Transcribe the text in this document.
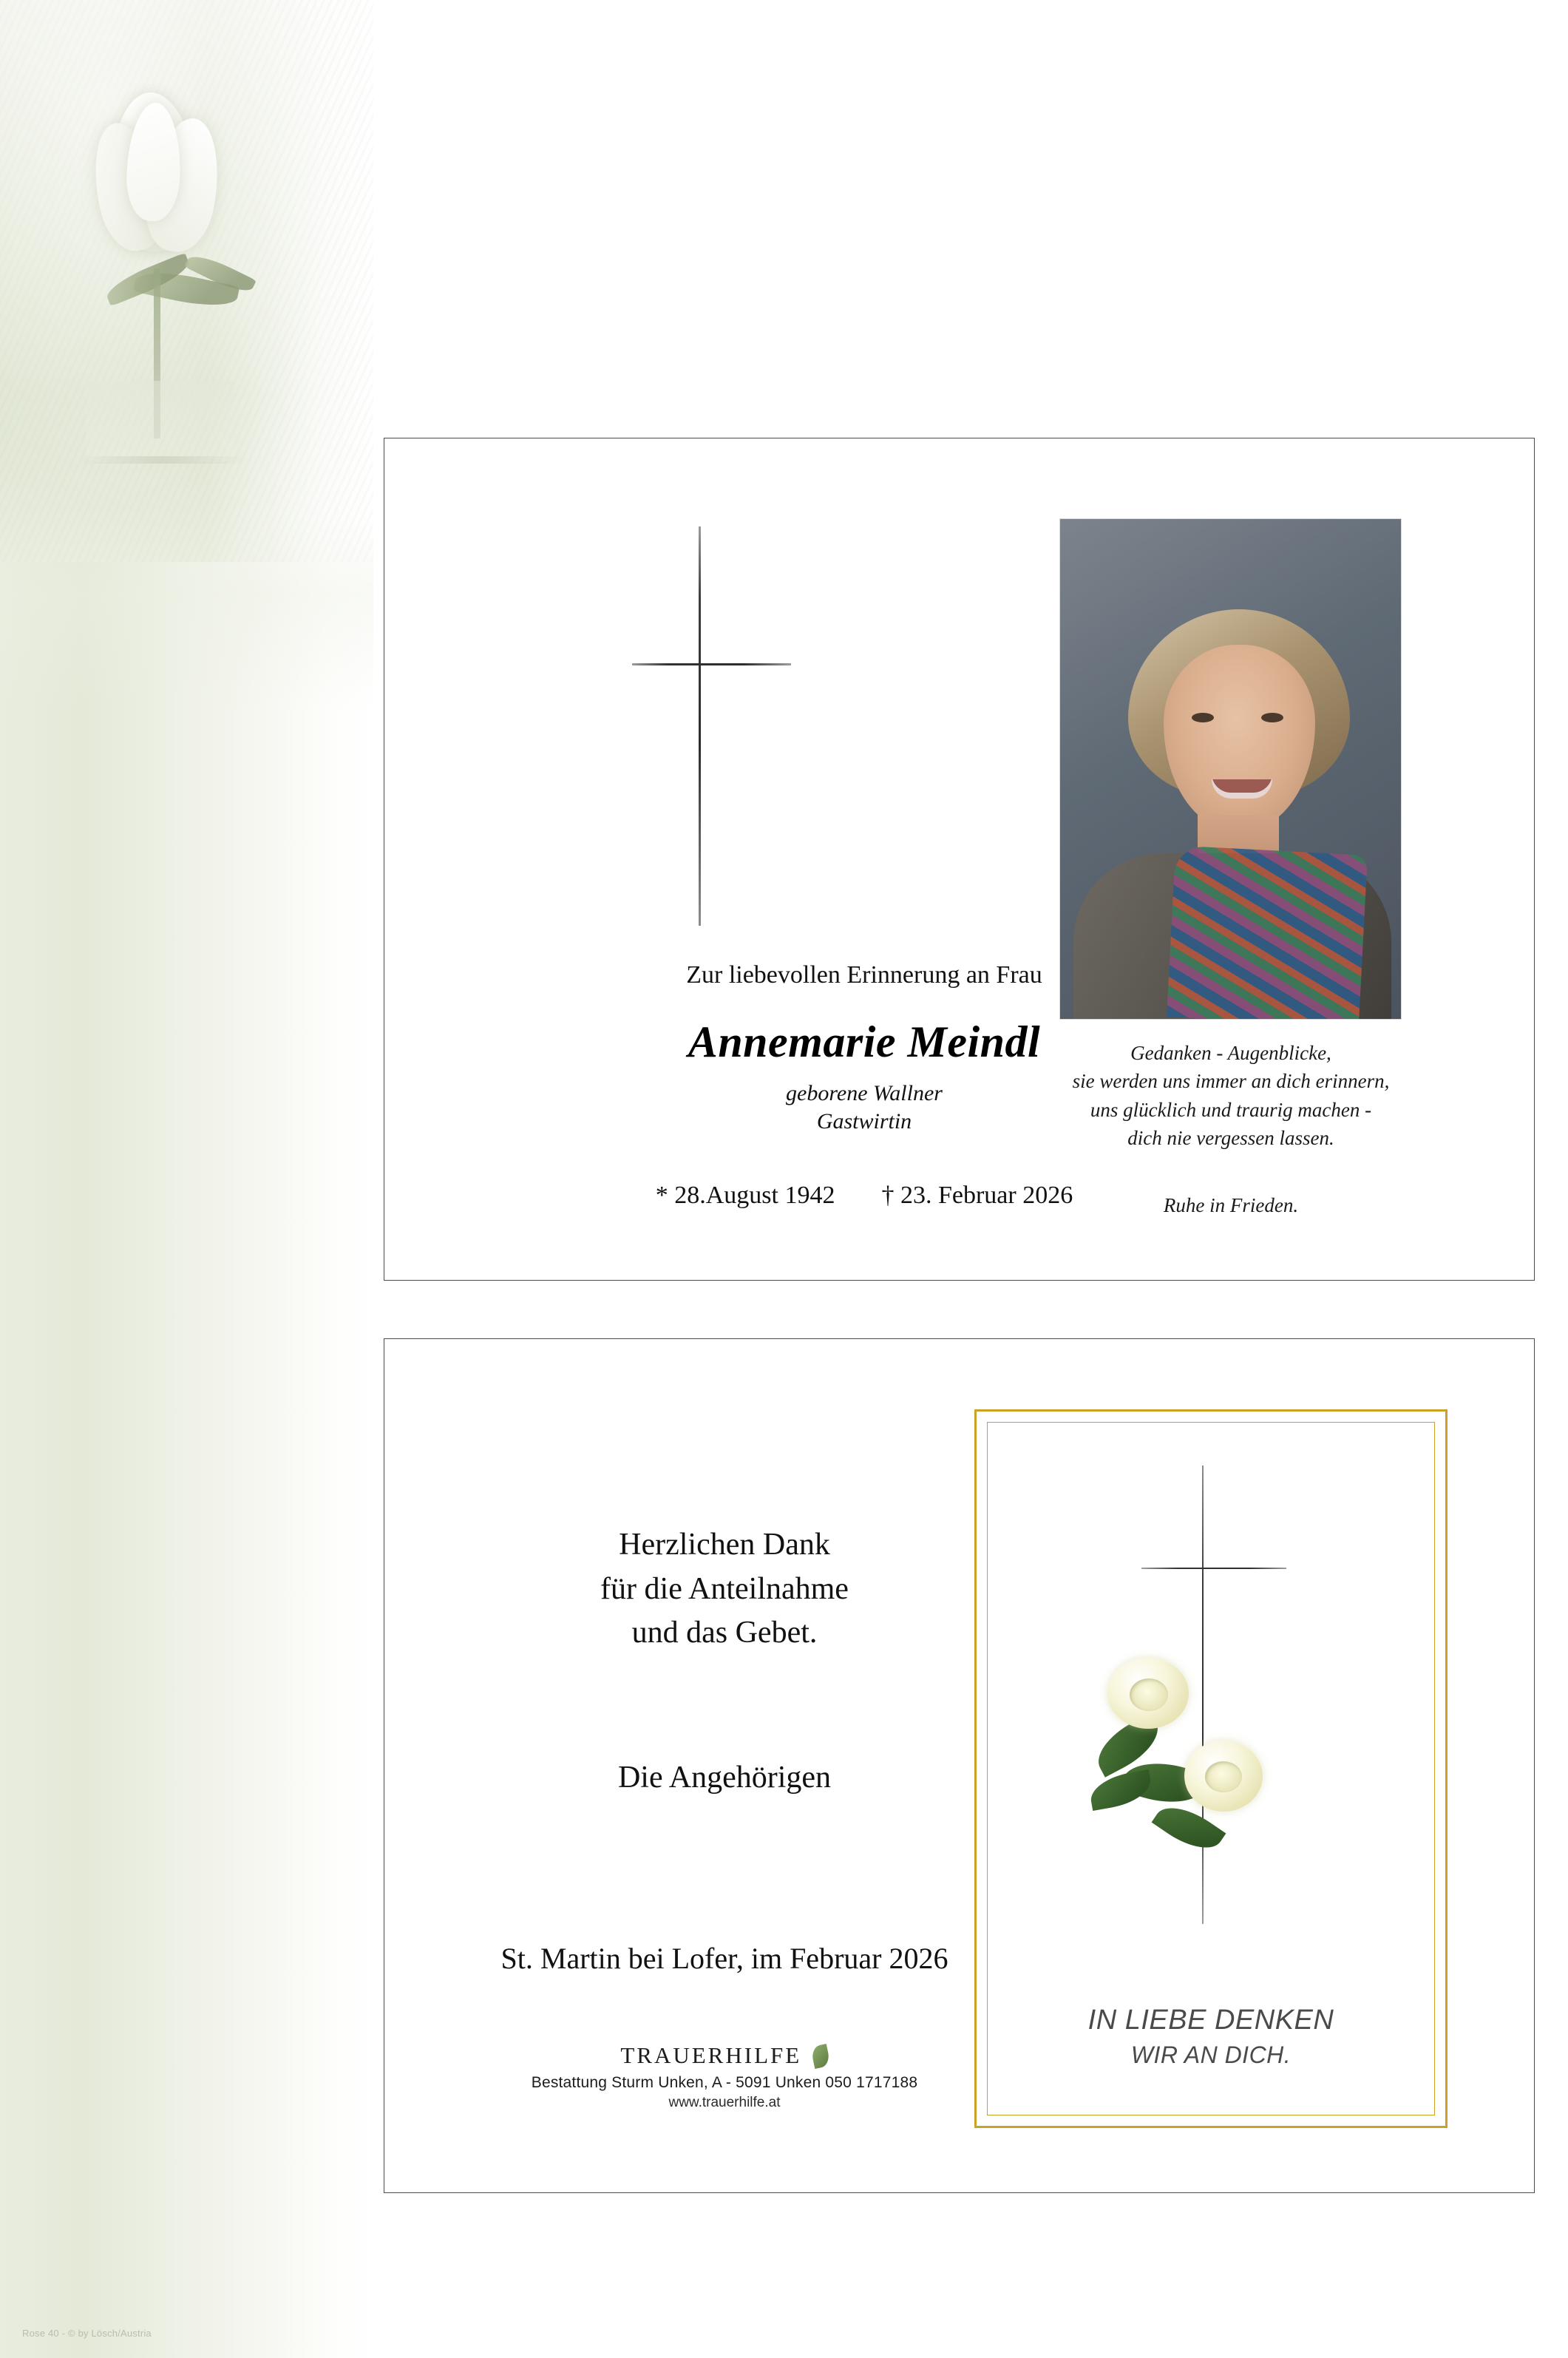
Rose 40 - © by Lösch/Austria
Zur liebevollen Erinnerung an Frau
Annemarie Meindl
geborene Wallner
Gastwirtin
* 28.August 1942 † 23. Februar 2026
Gedanken - Augenblicke,
sie werden uns immer an dich erinnern,
uns glücklich und traurig machen -
dich nie vergessen lassen.
Ruhe in Frieden.
Herzlichen Dank
für die Anteilnahme
und das Gebet.
Die Angehörigen
St. Martin bei Lofer, im Februar 2026
TRAUERHILFE
Bestattung Sturm Unken, A - 5091 Unken 050 1717188
www.trauerhilfe.at
IN LIEBE DENKEN
WIR AN DICH.
